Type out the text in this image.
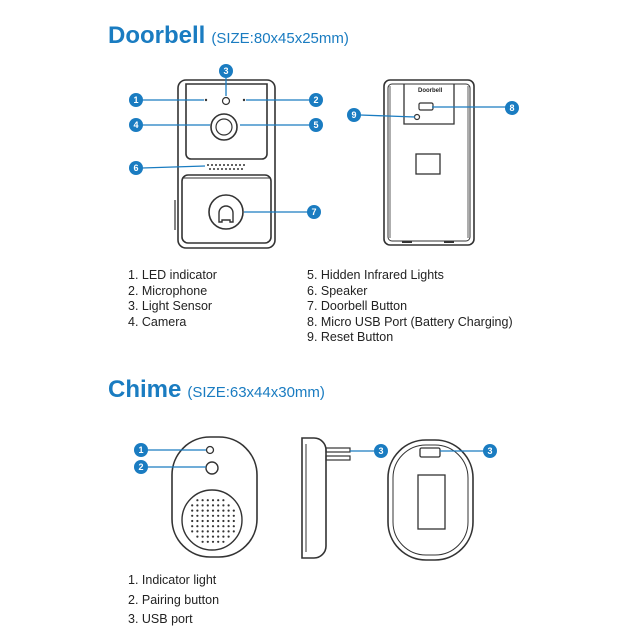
Doorbell (SIZE:80x45x25mm)
Chime (SIZE:63x44x30mm)
Doorbell
1
3
2
4	5
6
7
8
9
1
2
3	3
1. LED indicator
2. Microphone
3. Light Sensor
4. Camera
5. Hidden Infrared Lights
6. Speaker
7. Doorbell Button
8. Micro USB Port (Battery Charging)
9. Reset Button
1. Indicator light
2. Pairing button
3. USB port
